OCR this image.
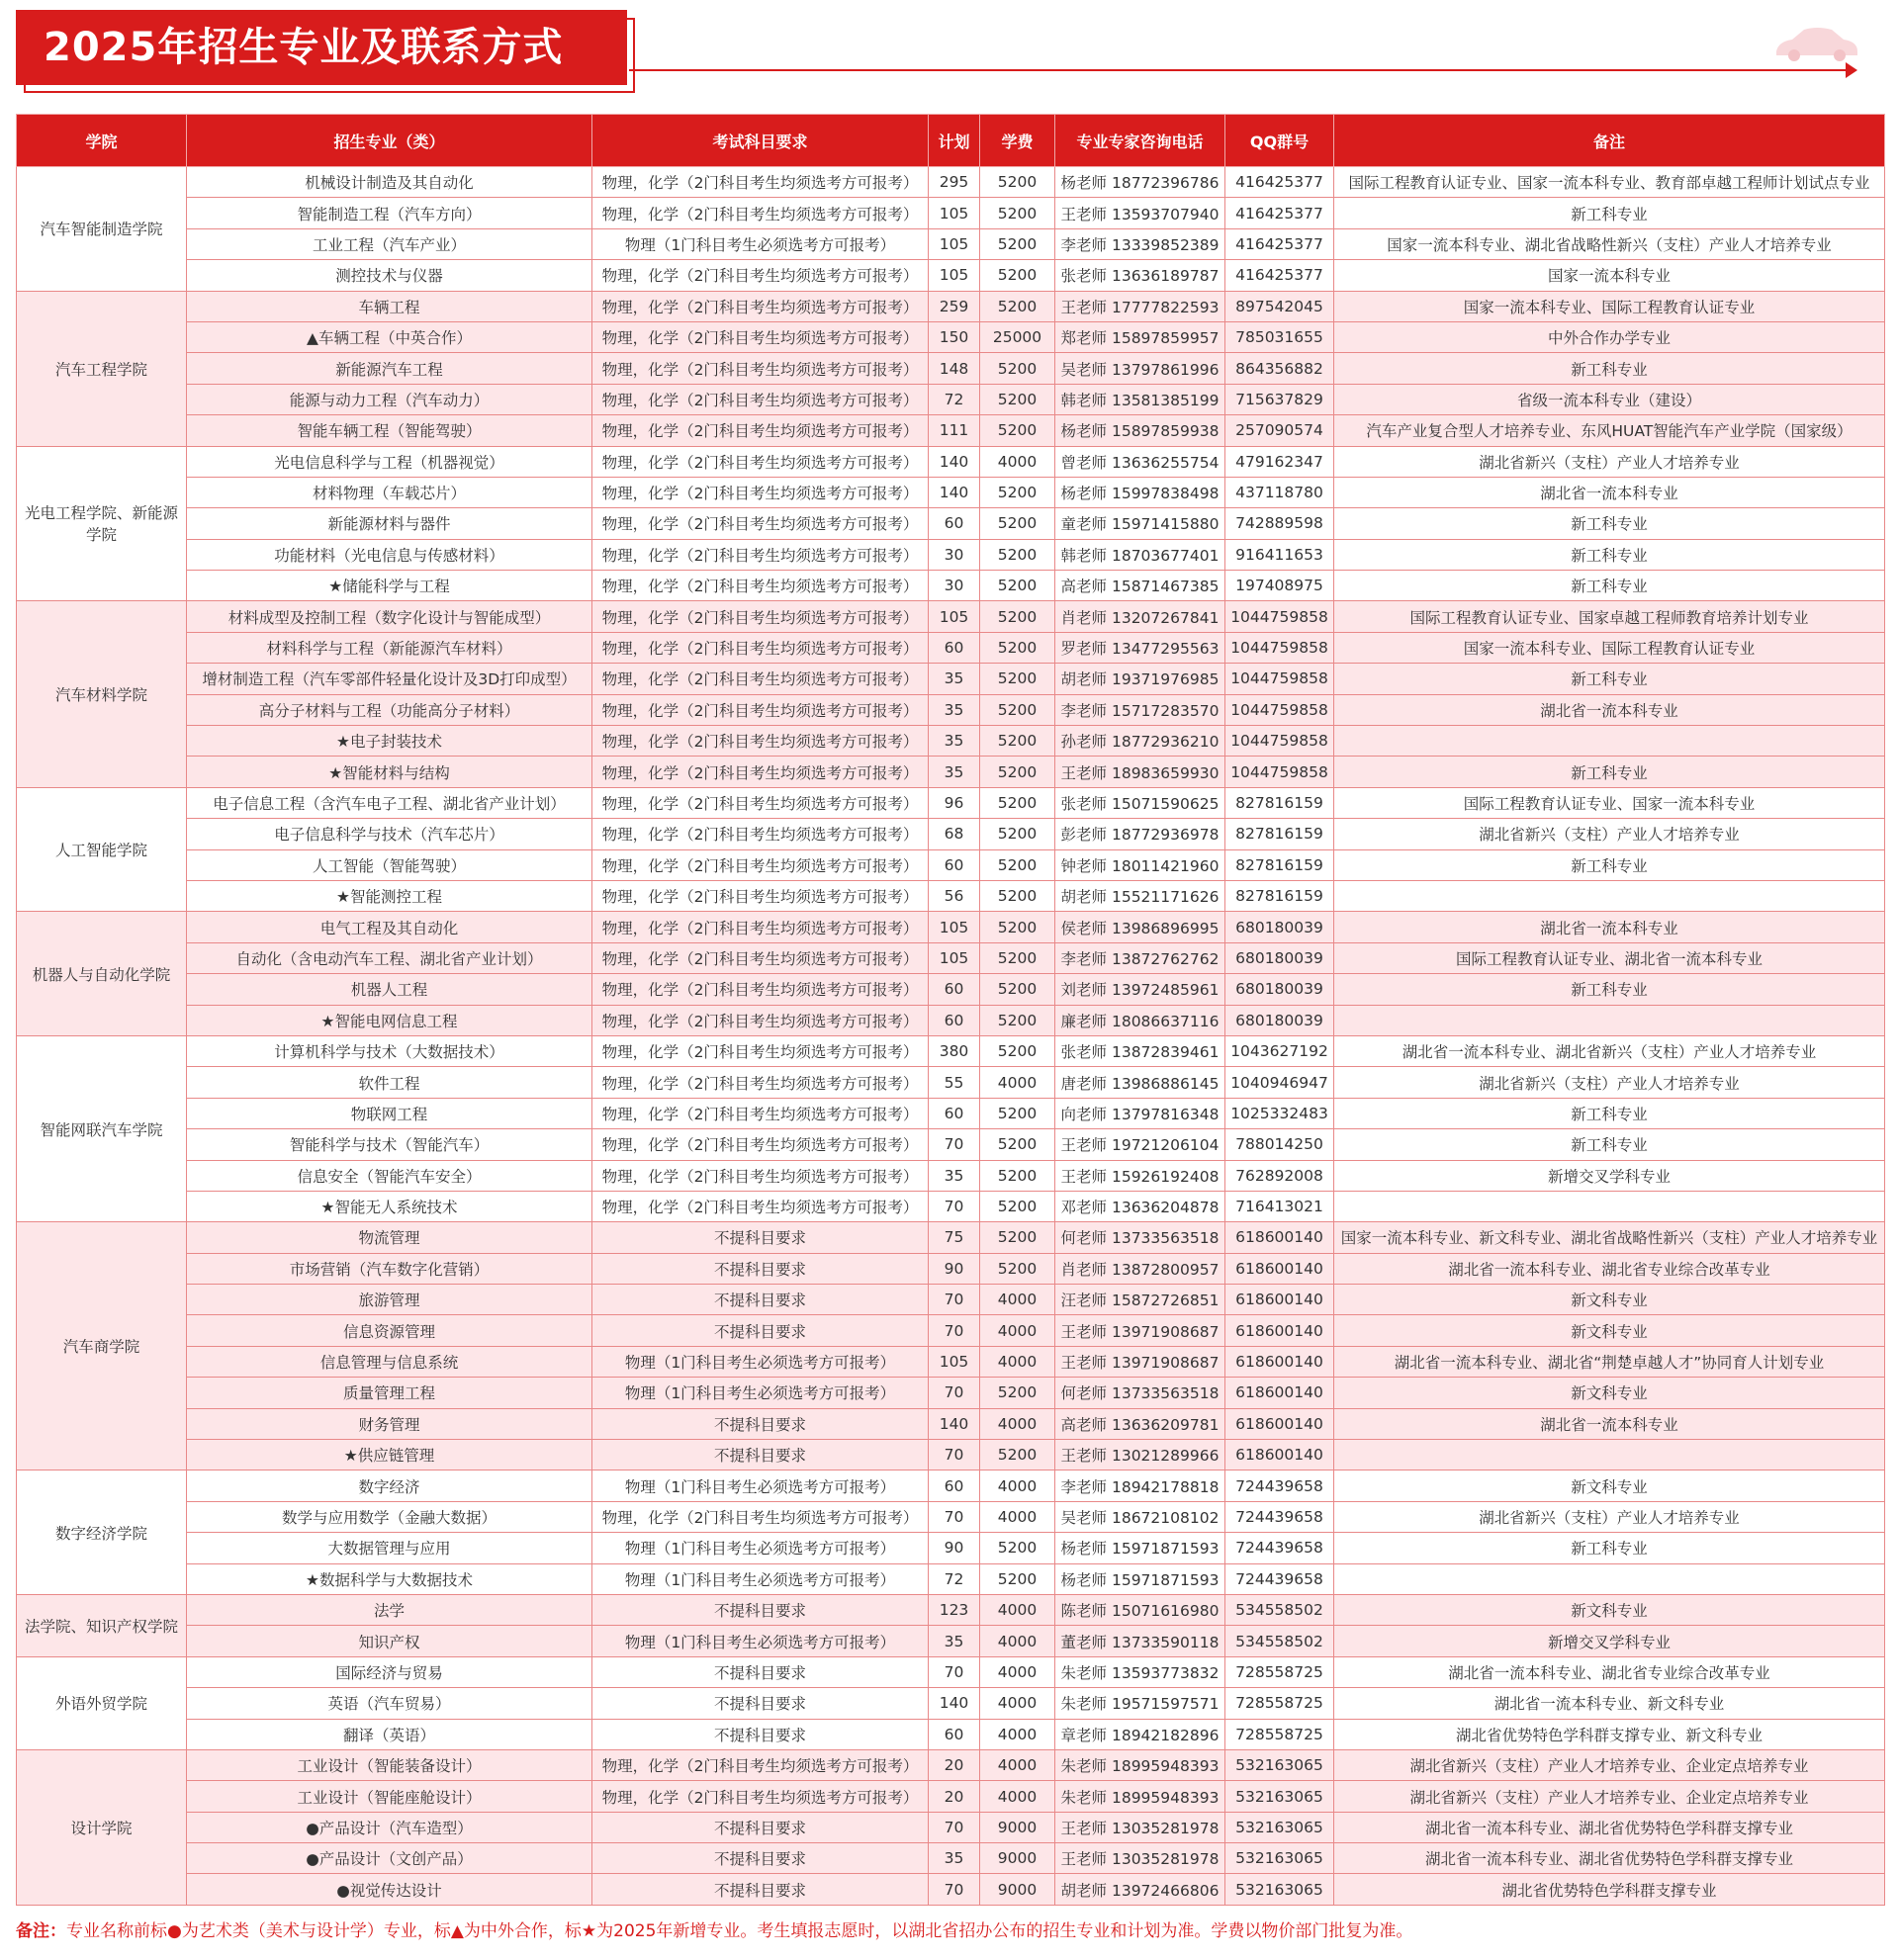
2025年招生专业及联系方式
学院	招生专业（类）	考试科目要求	计划	学费	专业专家咨询电话	QQ群号	备注
汽车智能制造学院	机械设计制造及其自动化	物理，化学（2门科目考生均须选考方可报考）	295	5200	杨老师 18772396786	416425377	国际工程教育认证专业、国家一流本科专业、教育部卓越工程师计划试点专业
	智能制造工程（汽车方向）	物理，化学（2门科目考生均须选考方可报考）	105	5200	王老师 13593707940	416425377	新工科专业
	工业工程（汽车产业）	物理（1门科目考生必须选考方可报考）	105	5200	李老师 13339852389	416425377	国家一流本科专业、湖北省战略性新兴（支柱）产业人才培养专业
	测控技术与仪器	物理，化学（2门科目考生均须选考方可报考）	105	5200	张老师 13636189787	416425377	国家一流本科专业
汽车工程学院	车辆工程	物理，化学（2门科目考生均须选考方可报考）	259	5200	王老师 17777822593	897542045	国家一流本科专业、国际工程教育认证专业
	▲车辆工程（中英合作）	物理，化学（2门科目考生均须选考方可报考）	150	25000	郑老师 15897859957	785031655	中外合作办学专业
	新能源汽车工程	物理，化学（2门科目考生均须选考方可报考）	148	5200	吴老师 13797861996	864356882	新工科专业
	能源与动力工程（汽车动力）	物理，化学（2门科目考生均须选考方可报考）	72	5200	韩老师 13581385199	715637829	省级一流本科专业（建设）
	智能车辆工程（智能驾驶）	物理，化学（2门科目考生均须选考方可报考）	111	5200	杨老师 15897859938	257090574	汽车产业复合型人才培养专业、东风HUAT智能汽车产业学院（国家级）
光电工程学院、新能源学院	光电信息科学与工程（机器视觉）	物理，化学（2门科目考生均须选考方可报考）	140	4000	曾老师 13636255754	479162347	湖北省新兴（支柱）产业人才培养专业
	材料物理（车载芯片）	物理，化学（2门科目考生均须选考方可报考）	140	5200	杨老师 15997838498	437118780	湖北省一流本科专业
	新能源材料与器件	物理，化学（2门科目考生均须选考方可报考）	60	5200	童老师 15971415880	742889598	新工科专业
	功能材料（光电信息与传感材料）	物理，化学（2门科目考生均须选考方可报考）	30	5200	韩老师 18703677401	916411653	新工科专业
	★储能科学与工程	物理，化学（2门科目考生均须选考方可报考）	30	5200	高老师 15871467385	197408975	新工科专业
汽车材料学院	材料成型及控制工程（数字化设计与智能成型）	物理，化学（2门科目考生均须选考方可报考）	105	5200	肖老师 13207267841	1044759858	国际工程教育认证专业、国家卓越工程师教育培养计划专业
	材料科学与工程（新能源汽车材料）	物理，化学（2门科目考生均须选考方可报考）	60	5200	罗老师 13477295563	1044759858	国家一流本科专业、国际工程教育认证专业
	增材制造工程（汽车零部件轻量化设计及3D打印成型）	物理，化学（2门科目考生均须选考方可报考）	35	5200	胡老师 19371976985	1044759858	新工科专业
	高分子材料与工程（功能高分子材料）	物理，化学（2门科目考生均须选考方可报考）	35	5200	李老师 15717283570	1044759858	湖北省一流本科专业
	★电子封装技术	物理，化学（2门科目考生均须选考方可报考）	35	5200	孙老师 18772936210	1044759858	
	★智能材料与结构	物理，化学（2门科目考生均须选考方可报考）	35	5200	王老师 18983659930	1044759858	新工科专业
人工智能学院	电子信息工程（含汽车电子工程、湖北省产业计划）	物理，化学（2门科目考生均须选考方可报考）	96	5200	张老师 15071590625	827816159	国际工程教育认证专业、国家一流本科专业
	电子信息科学与技术（汽车芯片）	物理，化学（2门科目考生均须选考方可报考）	68	5200	彭老师 18772936978	827816159	湖北省新兴（支柱）产业人才培养专业
	人工智能（智能驾驶）	物理，化学（2门科目考生均须选考方可报考）	60	5200	钟老师 18011421960	827816159	新工科专业
	★智能测控工程	物理，化学（2门科目考生均须选考方可报考）	56	5200	胡老师 15521171626	827816159	
机器人与自动化学院	电气工程及其自动化	物理，化学（2门科目考生均须选考方可报考）	105	5200	侯老师 13986896995	680180039	湖北省一流本科专业
	自动化（含电动汽车工程、湖北省产业计划）	物理，化学（2门科目考生均须选考方可报考）	105	5200	李老师 13872762762	680180039	国际工程教育认证专业、湖北省一流本科专业
	机器人工程	物理，化学（2门科目考生均须选考方可报考）	60	5200	刘老师 13972485961	680180039	新工科专业
	★智能电网信息工程	物理，化学（2门科目考生均须选考方可报考）	60	5200	廉老师 18086637116	680180039	
智能网联汽车学院	计算机科学与技术（大数据技术）	物理，化学（2门科目考生均须选考方可报考）	380	5200	张老师 13872839461	1043627192	湖北省一流本科专业、湖北省新兴（支柱）产业人才培养专业
	软件工程	物理，化学（2门科目考生均须选考方可报考）	55	4000	唐老师 13986886145	1040946947	湖北省新兴（支柱）产业人才培养专业
	物联网工程	物理，化学（2门科目考生均须选考方可报考）	60	5200	向老师 13797816348	1025332483	新工科专业
	智能科学与技术（智能汽车）	物理，化学（2门科目考生均须选考方可报考）	70	5200	王老师 19721206104	788014250	新工科专业
	信息安全（智能汽车安全）	物理，化学（2门科目考生均须选考方可报考）	35	5200	王老师 15926192408	762892008	新增交叉学科专业
	★智能无人系统技术	物理，化学（2门科目考生均须选考方可报考）	70	5200	邓老师 13636204878	716413021	
汽车商学院	物流管理	不提科目要求	75	5200	何老师 13733563518	618600140	国家一流本科专业、新文科专业、湖北省战略性新兴（支柱）产业人才培养专业
	市场营销（汽车数字化营销）	不提科目要求	90	5200	肖老师 13872800957	618600140	湖北省一流本科专业、湖北省专业综合改革专业
	旅游管理	不提科目要求	70	4000	汪老师 15872726851	618600140	新文科专业
	信息资源管理	不提科目要求	70	4000	王老师 13971908687	618600140	新文科专业
	信息管理与信息系统	物理（1门科目考生必须选考方可报考）	105	4000	王老师 13971908687	618600140	湖北省一流本科专业、湖北省“荆楚卓越人才”协同育人计划专业
	质量管理工程	物理（1门科目考生必须选考方可报考）	70	5200	何老师 13733563518	618600140	新文科专业
	财务管理	不提科目要求	140	4000	高老师 13636209781	618600140	湖北省一流本科专业
	★供应链管理	不提科目要求	70	5200	王老师 13021289966	618600140	
数字经济学院	数字经济	物理（1门科目考生必须选考方可报考）	60	4000	李老师 18942178818	724439658	新文科专业
	数学与应用数学（金融大数据）	物理，化学（2门科目考生均须选考方可报考）	70	4000	吴老师 18672108102	724439658	湖北省新兴（支柱）产业人才培养专业
	大数据管理与应用	物理（1门科目考生必须选考方可报考）	90	5200	杨老师 15971871593	724439658	新工科专业
	★数据科学与大数据技术	物理（1门科目考生必须选考方可报考）	72	5200	杨老师 15971871593	724439658	
法学院、知识产权学院	法学	不提科目要求	123	4000	陈老师 15071616980	534558502	新文科专业
	知识产权	物理（1门科目考生必须选考方可报考）	35	4000	董老师 13733590118	534558502	新增交叉学科专业
外语外贸学院	国际经济与贸易	不提科目要求	70	4000	朱老师 13593773832	728558725	湖北省一流本科专业、湖北省专业综合改革专业
	英语（汽车贸易）	不提科目要求	140	4000	朱老师 19571597571	728558725	湖北省一流本科专业、新文科专业
	翻译（英语）	不提科目要求	60	4000	章老师 18942182896	728558725	湖北省优势特色学科群支撑专业、新文科专业
设计学院	工业设计（智能装备设计）	物理，化学（2门科目考生均须选考方可报考）	20	4000	朱老师 18995948393	532163065	湖北省新兴（支柱）产业人才培养专业、企业定点培养专业
	工业设计（智能座舱设计）	物理，化学（2门科目考生均须选考方可报考）	20	4000	朱老师 18995948393	532163065	湖北省新兴（支柱）产业人才培养专业、企业定点培养专业
	●产品设计（汽车造型）	不提科目要求	70	9000	王老师 13035281978	532163065	湖北省一流本科专业、湖北省优势特色学科群支撑专业
	●产品设计（文创产品）	不提科目要求	35	9000	王老师 13035281978	532163065	湖北省一流本科专业、湖北省优势特色学科群支撑专业
	●视觉传达设计	不提科目要求	70	9000	胡老师 13972466806	532163065	湖北省优势特色学科群支撑专业
备注：专业名称前标●为艺术类（美术与设计学）专业，标▲为中外合作，标★为2025年新增专业。考生填报志愿时，以湖北省招办公布的招生专业和计划为准。学费以物价部门批复为准。
